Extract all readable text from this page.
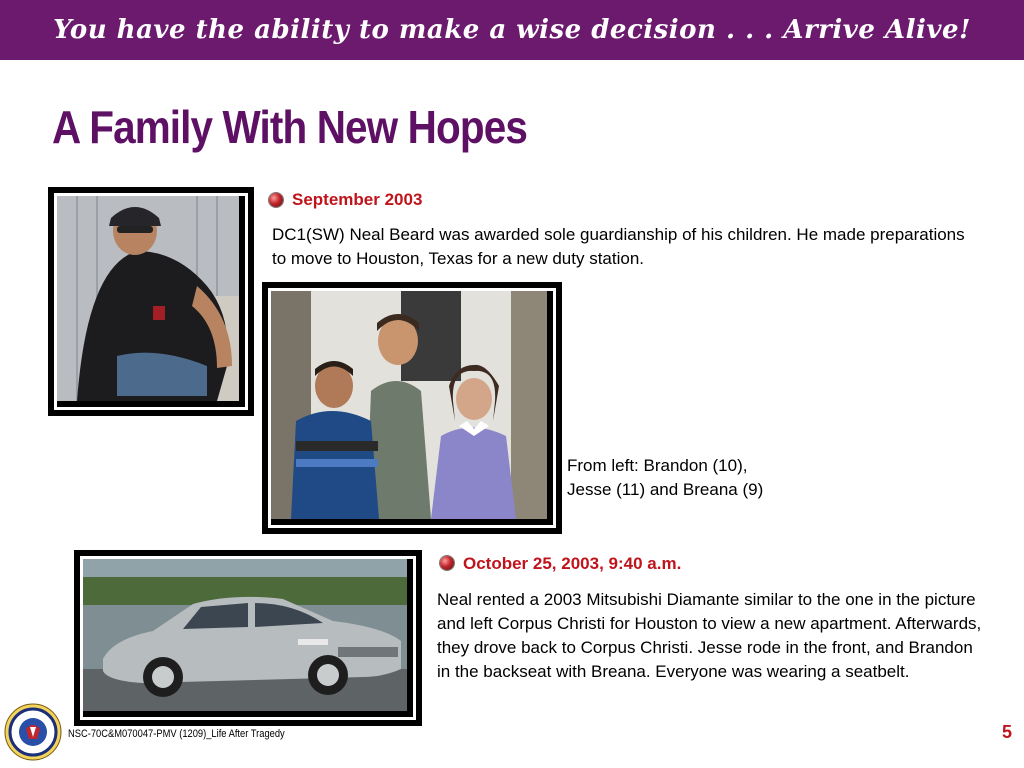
You have the ability to make a wise decision . . . Arrive Alive!
A Family With New Hopes
September 2003
DC1(SW) Neal Beard was awarded sole guardianship of his children. He made preparations to move to Houston, Texas for a new duty station.
From left: Brandon (10),
Jesse (11) and Breana (9)
October 25, 2003, 9:40 a.m.
Neal rented a 2003 Mitsubishi Diamante similar to the one in the picture and left Corpus Christi for Houston to view a new apartment. Afterwards, they drove back to Corpus Christi. Jesse rode in the front, and Brandon in the backseat with Breana. Everyone was wearing a seatbelt.
NSC-70C&M070047-PMV (1209)_Life After Tragedy	5
